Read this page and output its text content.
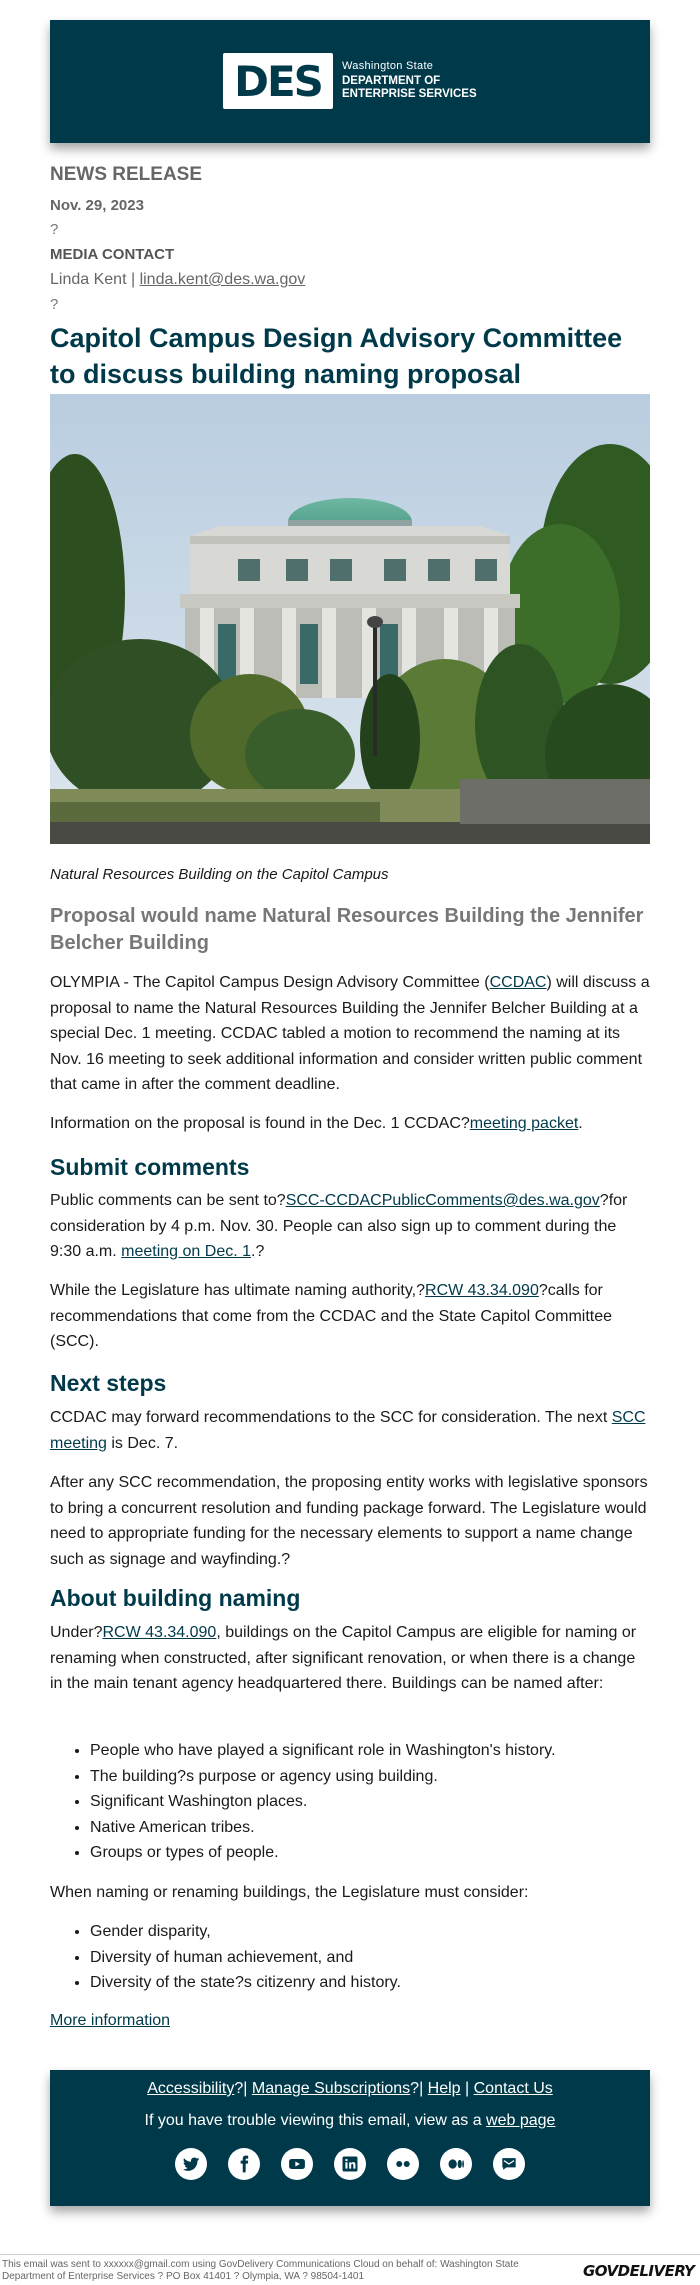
DES Washington State
DEPARTMENT OF
ENTERPRISE SERVICES
NEWS RELEASE
Nov. 29, 2023
?
MEDIA CONTACT
Linda Kent | linda.kent@des.wa.gov
?
Capitol Campus Design Advisory Committee to discuss building naming proposal
Natural Resources Building on the Capitol Campus
Proposal would name Natural Resources Building the Jennifer Belcher Building

OLYMPIA - The Capitol Campus Design Advisory Committee (CCDAC) will discuss a proposal to name the Natural Resources Building the Jennifer Belcher Building at a special Dec. 1 meeting. CCDAC tabled a motion to recommend the naming at its Nov. 16 meeting to seek additional information and consider written public comment that came in after the comment deadline.

Information on the proposal is found in the Dec. 1 CCDAC?meeting packet.

Submit comments

Public comments can be sent to?SCC-CCDACPublicComments@des.wa.gov?for consideration by 4 p.m. Nov. 30. People can also sign up to comment during the 9:30 a.m. meeting on Dec. 1.?

While the Legislature has ultimate naming authority,?RCW 43.34.090?calls for recommendations that come from the CCDAC and the State Capitol Committee (SCC).

Next steps

CCDAC may forward recommendations to the SCC for consideration. The next SCC meeting is Dec. 7.

After any SCC recommendation, the proposing entity works with legislative sponsors to bring a concurrent resolution and funding package forward. The Legislature would need to appropriate funding for the necessary elements to support a name change such as signage and wayfinding.?

About building naming

Under?RCW 43.34.090, buildings on the Capitol Campus are eligible for naming or renaming when constructed, after significant renovation, or when there is a change in the main tenant agency headquartered there. Buildings can be named after:

• People who have played a significant role in Washington's history.
• The building?s purpose or agency using building.
• Significant Washington places.
• Native American tribes.
• Groups or types of people.

When naming or renaming buildings, the Legislature must consider:

• Gender disparity,
• Diversity of human achievement, and
• Diversity of the state?s citizenry and history.
More information
Accessibility?| Manage Subscriptions?| Help | Contact Us
If you have trouble viewing this email, view as a web page
This email was sent to xxxxxx@gmail.com using GovDelivery Communications Cloud on behalf of: Washington State Department of Enterprise Services ? PO Box 41401 ? Olympia, WA ? 98504-1401	GOVDELIVERY
